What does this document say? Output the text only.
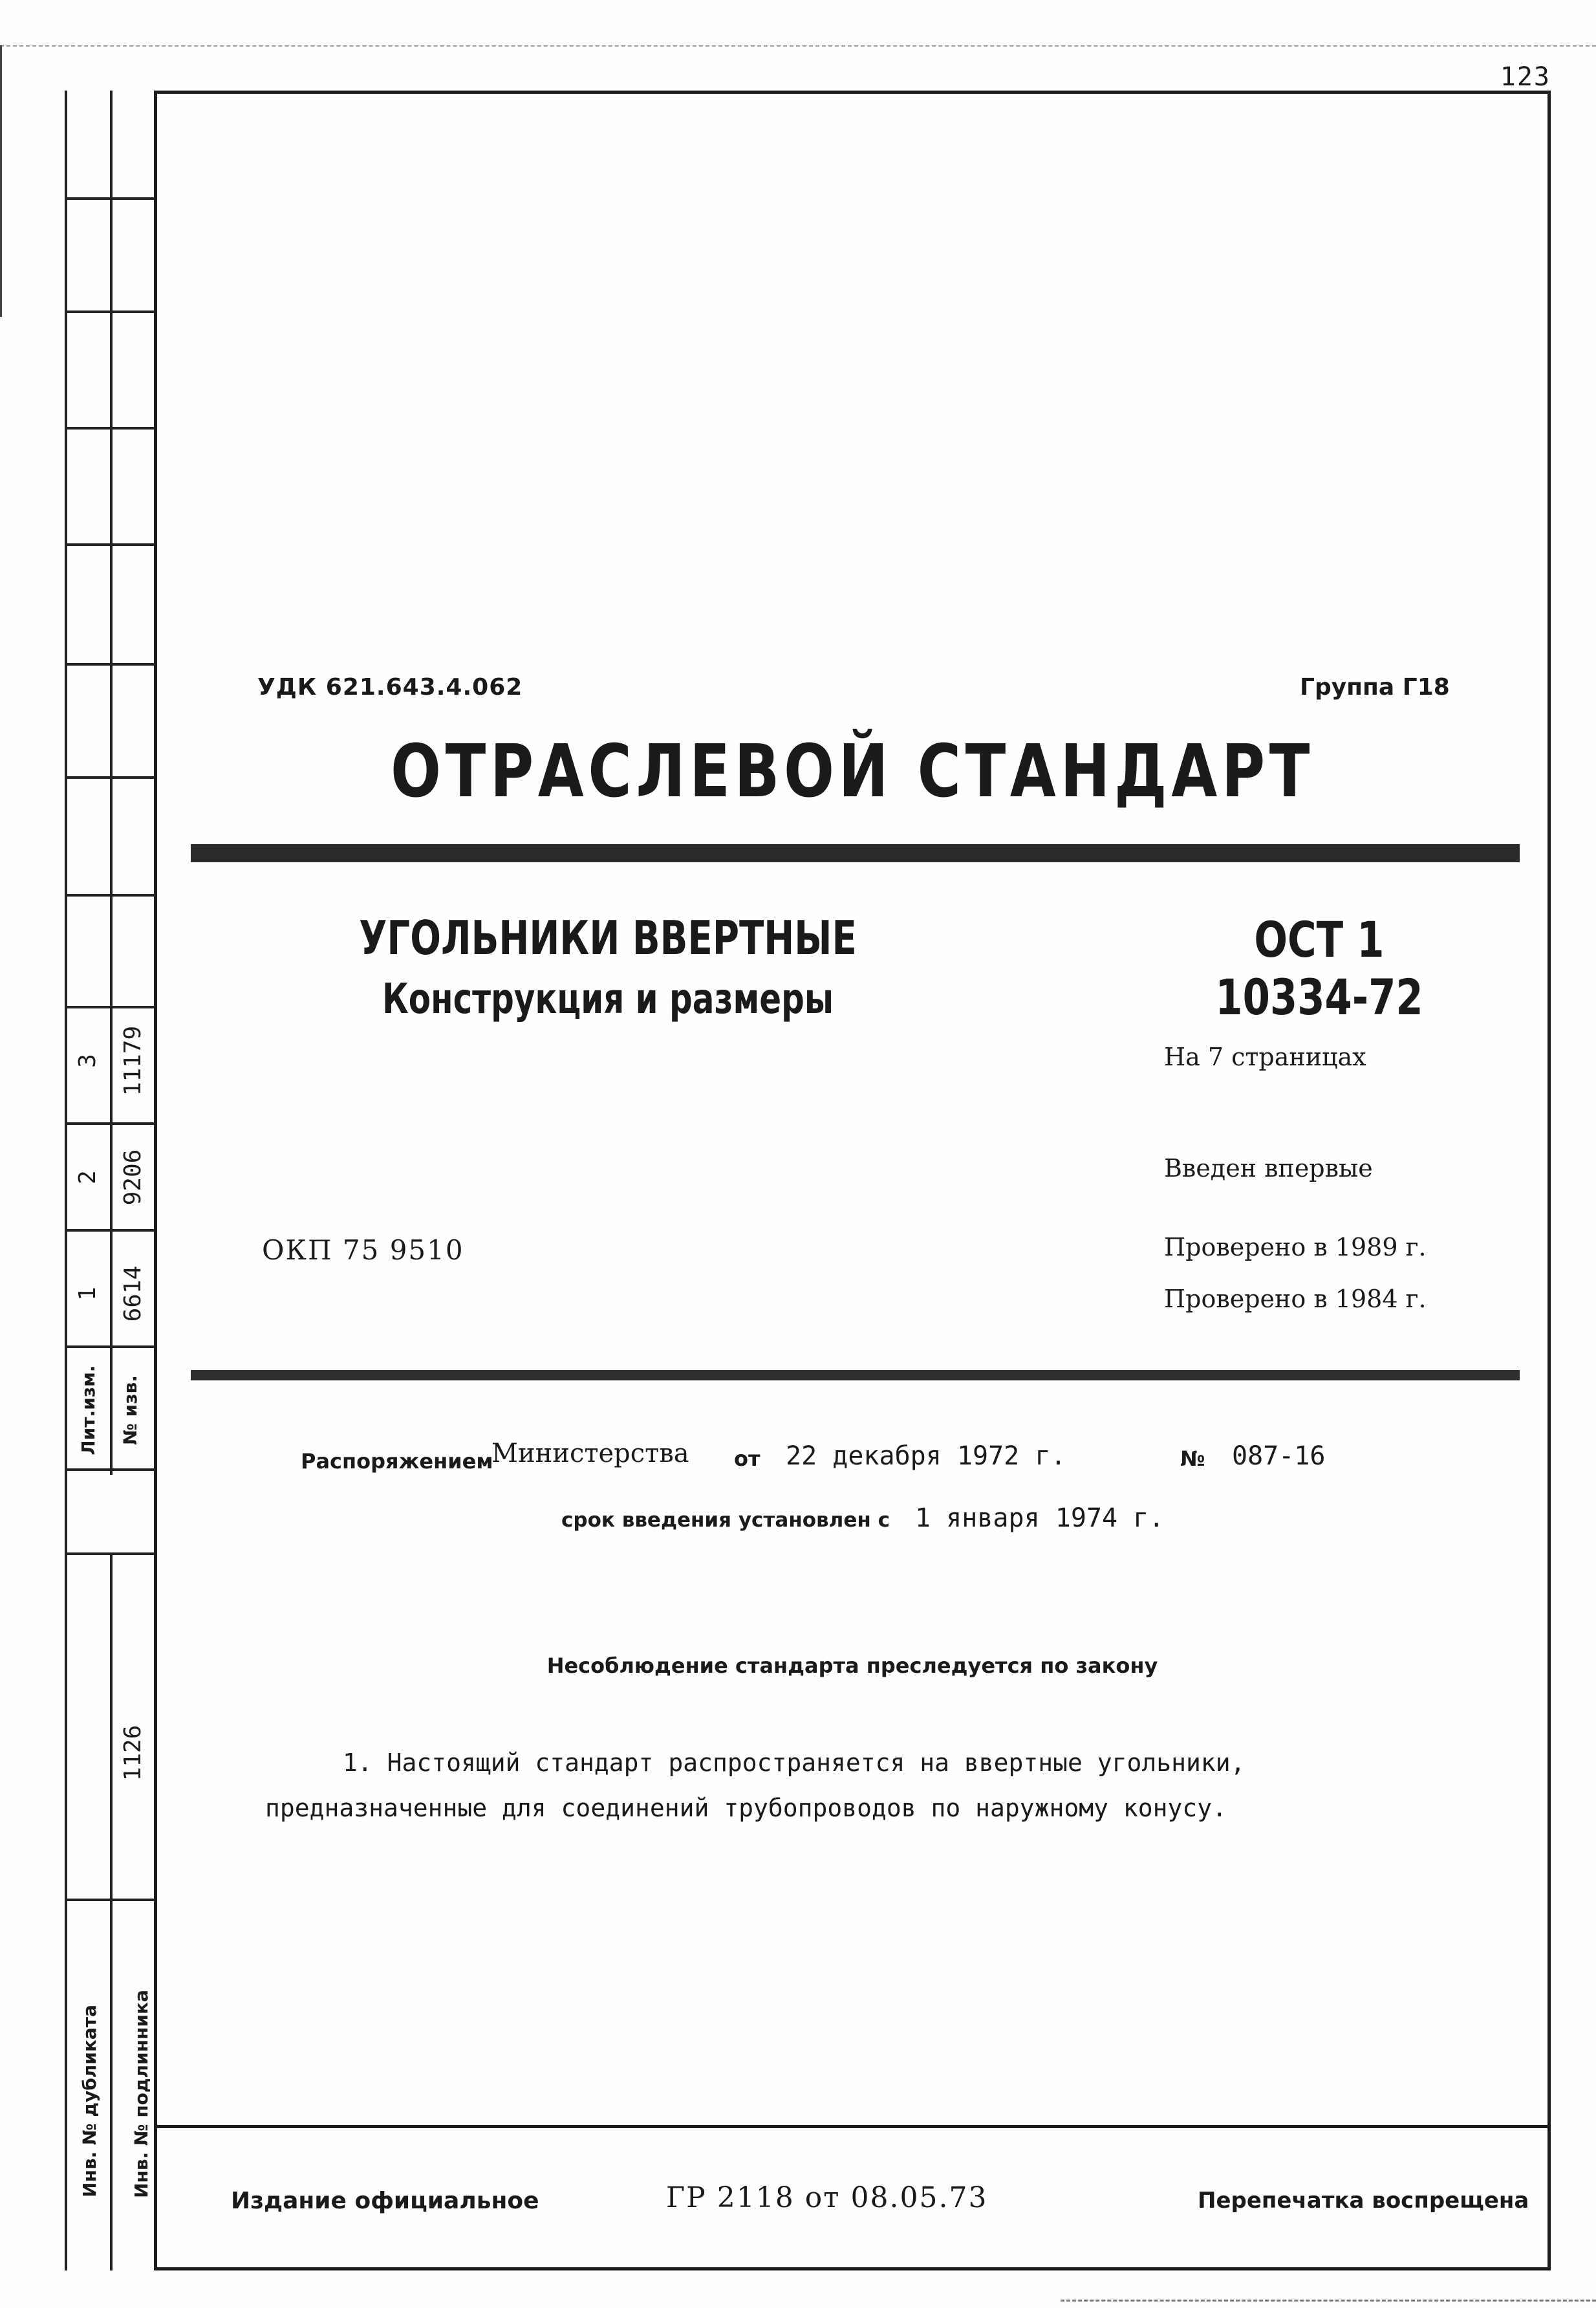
123
3 11179
2 9206
1 6614
Лит.изм. № изв.
1126
Инв. № дубликата Инв. № подлинника
УДК 621.643.4.062	Группа Г18
ОТРАСЛЕВОЙ СТАНДАРТ
УГОЛЬНИКИ ВВЕРТНЫЕ
Конструкция и размеры
ОСТ 1 10334-72
На 7 страницах
Введен впервые
Проверено в 1989 г.
Проверено в 1984 г.
ОКП 75 9510
Распоряжением
Министерства от 22 декабря 1972 г.	№ 087-16
срок введения установлен с 1 января 1974 г.
Несоблюдение стандарта преследуется по закону
1. Настоящий стандарт распространяется на ввертные угольники, предназначенные для соединений трубопроводов по наружному конусу.
Издание официальное	ГР 2118 от 08.05.73	Перепечатка воспрещена
